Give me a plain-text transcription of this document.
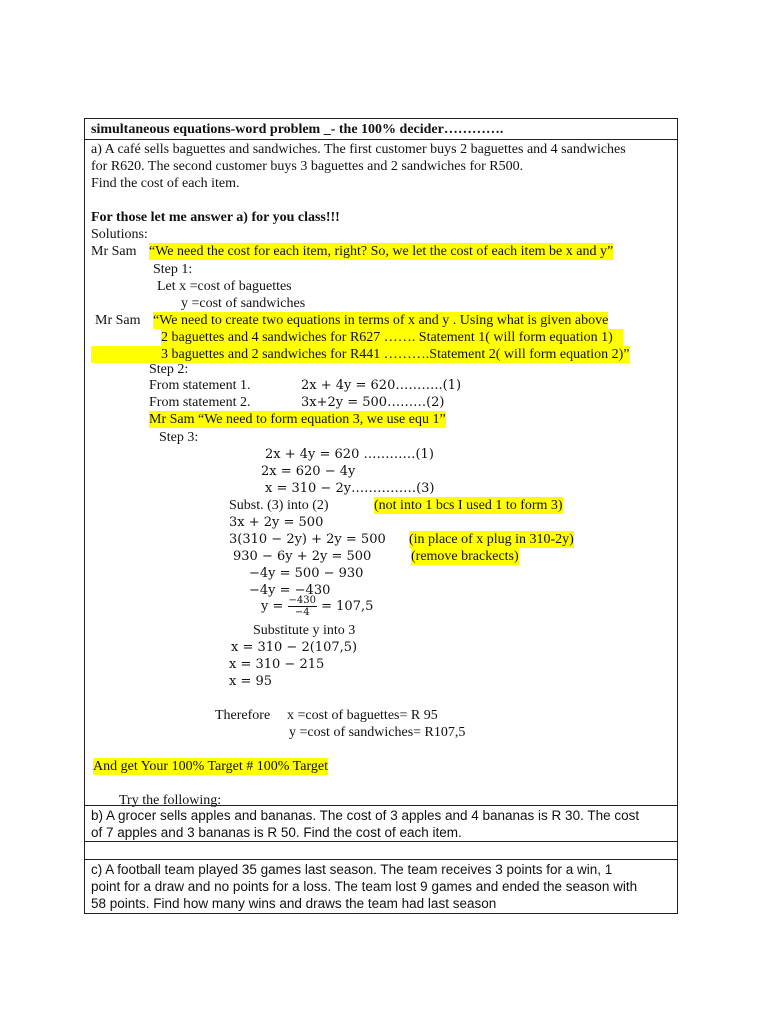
simultaneous equations-word problem _- the 100% decider………….
a) A café sells baguettes and sandwiches. The first customer buys 2 baguettes and 4 sandwiches
for R620. The second customer buys 3 baguettes and 2 sandwiches for R500.
Find the cost of each item.
For those let me answer a) for you class!!!
Solutions:
Mr Sam “We need the cost for each item, right? So, we let the cost of each item be x and y”
Step 1:
Let x =cost of baguettes
y =cost of sandwiches
Mr Sam “We need to create two equations in terms of x and y . Using what is given above
2 baguettes and 4 sandwiches for R627 ……. Statement 1( will form equation 1)
3 baguettes and 2 sandwiches for R441 ……….Statement 2( will form equation 2)”
Step 2:
From statement 1.	2x + 4y = 620………..(1)
From statement 2.	3x+2y = 500………(2)
Mr Sam “We need to form equation 3, we use equ 1”
Step 3:
2x + 4y = 620 …………(1)
2x = 620 − 4y
x = 310 − 2y……………(3)
Subst. (3) into (2)	(not into 1 bcs I used 1 to form 3)
3x + 2y = 500
3(310 − 2y) + 2y = 500 (in place of x plug in 310-2y)
930 − 6y + 2y = 500	(remove brackects)
−4y = 500 − 930
−4y = −430
$y = \frac{-430}{-4} = 107,5$
Substitute y into 3
x = 310 − 2(107,5)
x = 310 − 215
x = 95
Therefore x =cost of baguettes= R 95
y =cost of sandwiches= R107,5
And get Your 100% Target # 100% Target
Try the following:
b) A grocer sells apples and bananas. The cost of 3 apples and 4 bananas is R 30. The cost
of 7 apples and 3 bananas is R 50. Find the cost of each item.
c) A football team played 35 games last season. The team receives 3 points for a win, 1
point for a draw and no points for a loss. The team lost 9 games and ended the season with
58 points. Find how many wins and draws the team had last season
